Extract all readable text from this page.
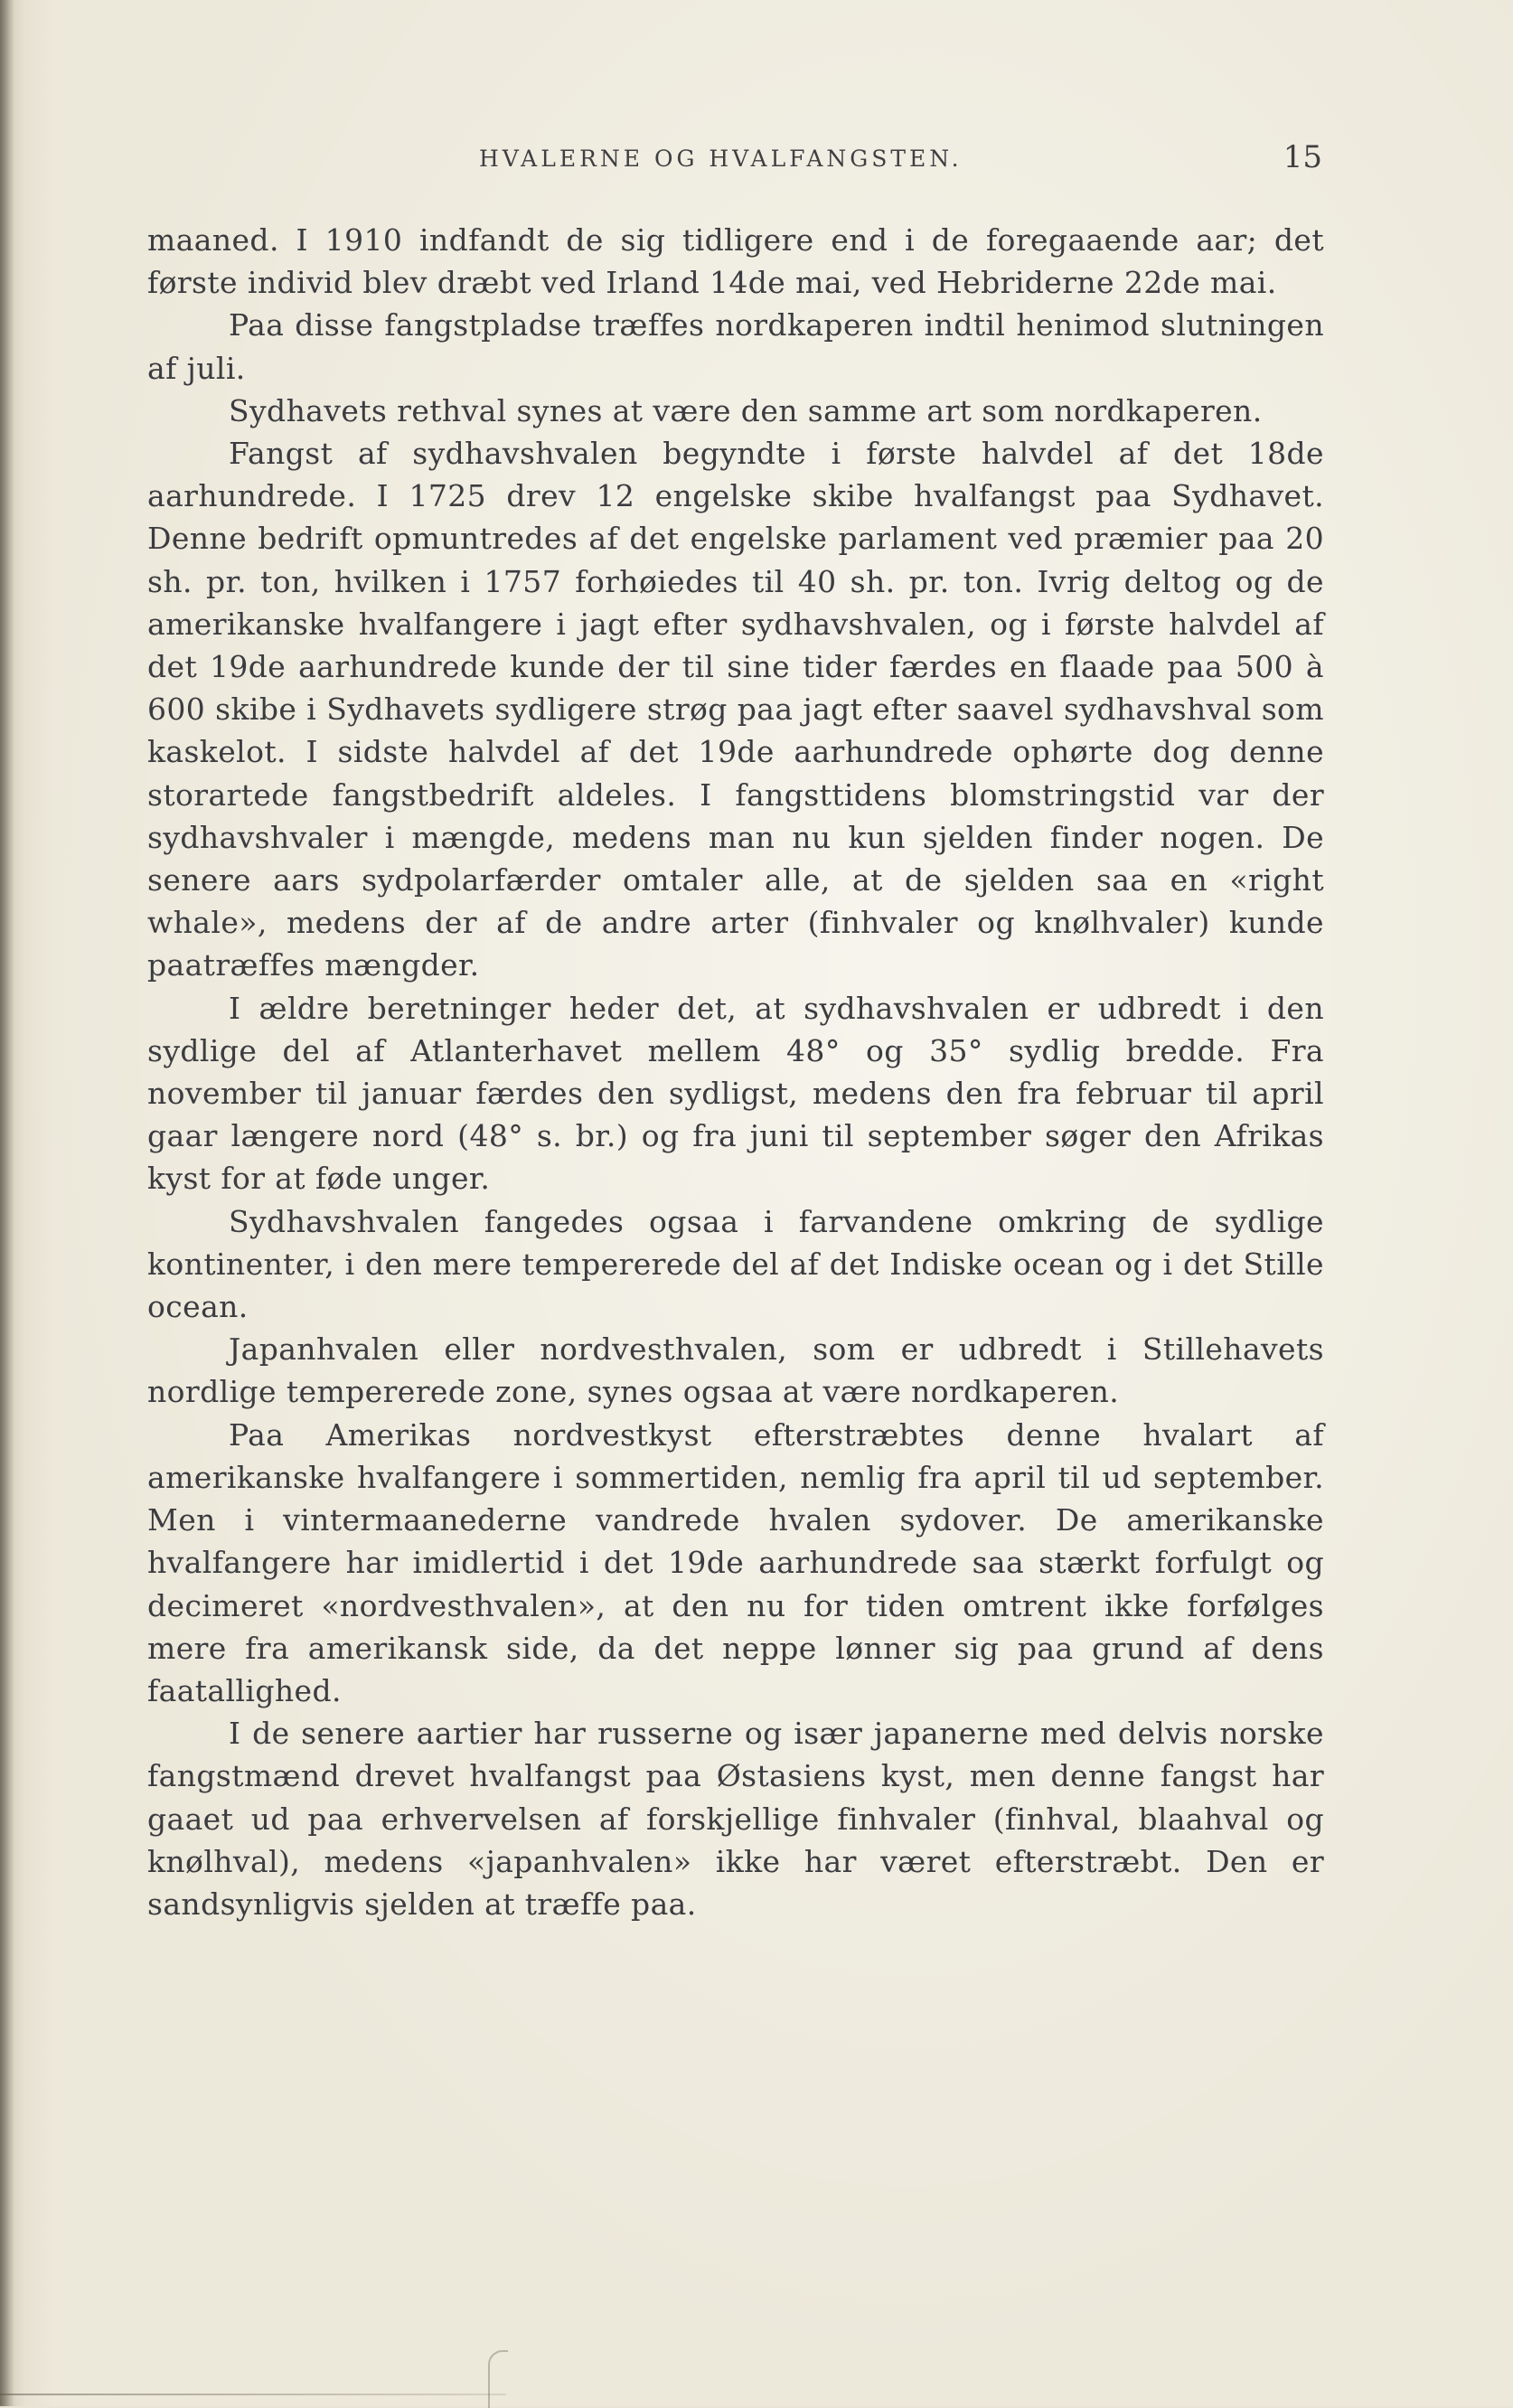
HVALERNE OG HVALFANGSTEN.	15

maaned. I 1910 indfandt de sig tidligere end i de foregaaende aar; det første individ blev dræbt ved Irland 14de mai, ved Hebriderne 22de mai.

Paa disse fangstpladse træffes nordkaperen indtil henimod slutningen af juli.

Sydhavets rethval synes at være den samme art som nordkaperen.

Fangst af sydhavshvalen begyndte i første halvdel af det 18de aarhundrede. I 1725 drev 12 engelske skibe hvalfangst paa Sydhavet. Denne bedrift opmuntredes af det engelske parlament ved præmier paa 20 sh. pr. ton, hvilken i 1757 forhøiedes til 40 sh. pr. ton. Ivrig deltog og de amerikanske hvalfangere i jagt efter sydhavshvalen, og i første halvdel af det 19de aarhundrede kunde der til sine tider færdes en flaade paa 500 à 600 skibe i Sydhavets sydligere strøg paa jagt efter saavel sydhavshval som kaskelot. I sidste halvdel af det 19de aarhundrede ophørte dog denne storartede fangstbedrift aldeles. I fangsttidens blomstringstid var der sydhavshvaler i mængde, medens man nu kun sjelden finder nogen. De senere aars sydpolarfærder omtaler alle, at de sjelden saa en «right whale», medens der af de andre arter (finhvaler og knølhvaler) kunde paatræffes mængder.

I ældre beretninger heder det, at sydhavshvalen er udbredt i den sydlige del af Atlanterhavet mellem 48° og 35° sydlig bredde. Fra november til januar færdes den sydligst, medens den fra februar til april gaar længere nord (48° s. br.) og fra juni til september søger den Afrikas kyst for at føde unger.

Sydhavshvalen fangedes ogsaa i farvandene omkring de sydlige kontinenter, i den mere tempererede del af det Indiske ocean og i det Stille ocean.

Japanhvalen eller nordvesthvalen, som er udbredt i Stillehavets nordlige tempererede zone, synes ogsaa at være nordkaperen.

Paa Amerikas nordvestkyst efterstræbtes denne hvalart af amerikanske hvalfangere i sommertiden, nemlig fra april til ud september. Men i vintermaanederne vandrede hvalen sydover. De amerikanske hvalfangere har imidlertid i det 19de aarhundrede saa stærkt forfulgt og decimeret «nordvesthvalen», at den nu for tiden omtrent ikke forfølges mere fra amerikansk side, da det neppe lønner sig paa grund af dens faatallighed.

I de senere aartier har russerne og især japanerne med delvis norske fangstmænd drevet hvalfangst paa Østasiens kyst, men denne fangst har gaaet ud paa erhvervelsen af forskjellige finhvaler (finhval, blaahval og knølhval), medens «japanhvalen» ikke har været efterstræbt. Den er sandsynligvis sjelden at træffe paa.
